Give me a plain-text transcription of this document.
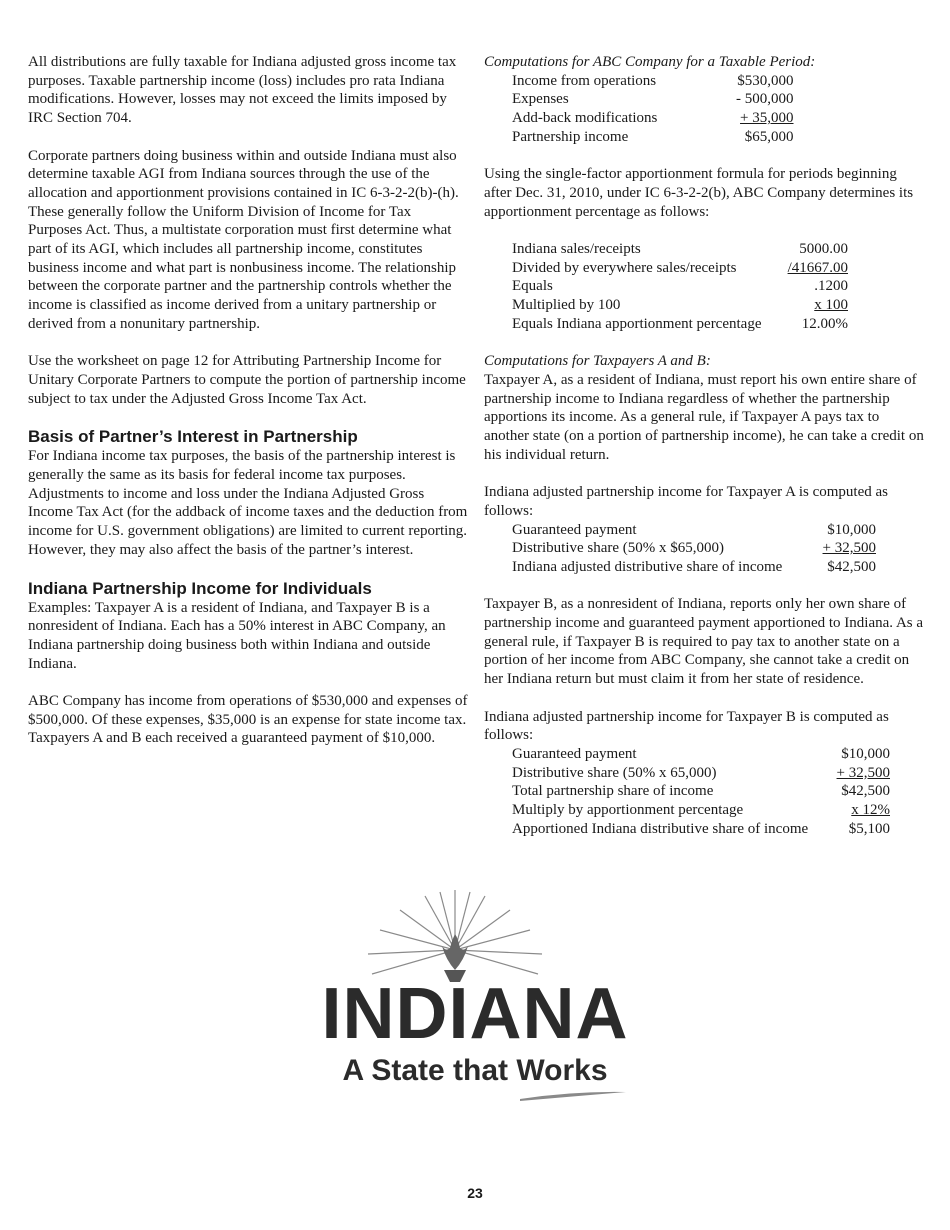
All distributions are fully taxable for Indiana adjusted gross income tax purposes. Taxable partnership income (loss) includes pro rata Indiana modifications. However, losses may not exceed the limits imposed by IRC Section 704.

Corporate partners doing business within and outside Indiana must also determine taxable AGI from Indiana sources through the use of the allocation and apportionment provisions contained in IC 6-3-2-2(b)-(h). These generally follow the Uniform Division of Income for Tax Purposes Act. Thus, a multistate corporation must first determine what part of its AGI, which includes all partnership income, constitutes business income and what part is nonbusiness income. The relationship between the corporate partner and the partnership controls whether the income is classified as income derived from a unitary partnership or derived from a nonunitary partnership.

Use the worksheet on page 12 for Attributing Partnership Income for Unitary Corporate Partners to compute the portion of partnership income subject to tax under the Adjusted Gross Income Tax Act.

Basis of Partner’s Interest in Partnership

For Indiana income tax purposes, the basis of the partnership interest is generally the same as its basis for federal income tax purposes. Adjustments to income and loss under the Indiana Adjusted Gross Income Tax Act (for the addback of income taxes and the deduction from income for U.S. government obligations) are limited to current reporting. However, they may also affect the basis of the partner’s interest.

Indiana Partnership Income for Individuals

Examples: Taxpayer A is a resident of Indiana, and Taxpayer B is a nonresident of Indiana. Each has a 50% interest in ABC Company, an Indiana partnership doing business both within Indiana and outside Indiana.

ABC Company has income from operations of $530,000 and expenses of $500,000. Of these expenses, $35,000 is an expense for state income tax. Taxpayers A and B each received a guaranteed payment of $10,000.

Computations for ABC Company for a Taxable Period:

Income from operations	$530,000
Expenses	- 500,000
Add-back modifications	+ 35,000
Partnership income	$65,000

Using the single-factor apportionment formula for periods beginning after Dec. 31, 2010, under IC 6-3-2-2(b), ABC Company determines its apportionment percentage as follows:

Indiana sales/receipts	5000.00
Divided by everywhere sales/receipts	/41667.00
Equals	.1200
Multiplied by 100	x 100
Equals Indiana apportionment percentage	12.00%

Computations for Taxpayers A and B:

Taxpayer A, as a resident of Indiana, must report his own entire share of partnership income to Indiana regardless of whether the partnership apportions its income. As a general rule, if Taxpayer A pays tax to another state (on a portion of partnership income), he can take a credit on his individual return.

Indiana adjusted partnership income for Taxpayer A is computed as follows:

Guaranteed payment	$10,000
Distributive share (50% x $65,000)	+ 32,500
Indiana adjusted distributive share of income	$42,500

Taxpayer B, as a nonresident of Indiana, reports only her own share of partnership income and guaranteed payment apportioned to Indiana. As a general rule, if Taxpayer B is required to pay tax to another state on a portion of her income from ABC Company, she cannot take a credit on her Indiana return but must claim it from her state of residence.

Indiana adjusted partnership income for Taxpayer B is computed as follows:

Guaranteed payment	$10,000
Distributive share (50% x 65,000)	+ 32,500
Total partnership share of income	$42,500
Multiply by apportionment percentage	x 12%
Apportioned Indiana distributive share of income	$5,100
INDIANA
A State that Works
23
